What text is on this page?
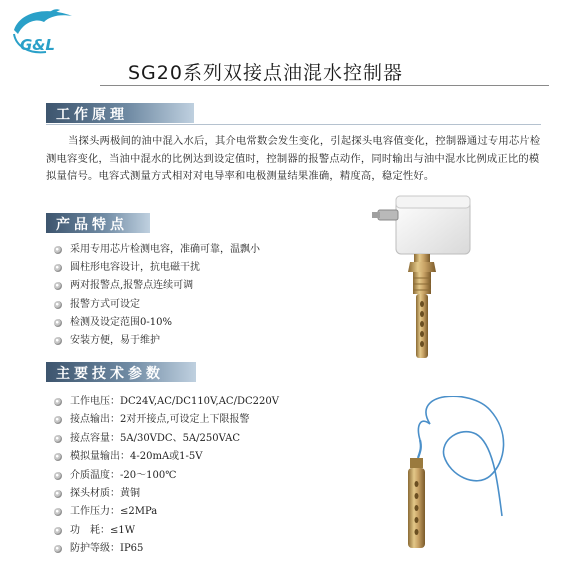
G&L
SG20系列双接点油混水控制器
工作原理

当探头两极间的油中混入水后，其介电常数会发生变化，引起探头电容值变化，控制器通过专用芯片检测电容变化，当油中混水的比例达到设定值时，控制器的报警点动作，同时输出与油中混水比例成正比的模拟量信号。电容式测量方式相对对电导率和电极测量结果准确，精度高，稳定性好。

产品特点
采用专用芯片检测电容，准确可靠，温飘小
圆柱形电容设计，抗电磁干扰
两对报警点,报警点连续可调
报警方式可设定
检测及设定范围0-10%
安装方便，易于维护
主要技术参数
工作电压：DC24V,AC/DC110V,AC/DC220V
接点输出：2对开接点,可设定上下限报警
接点容量：5A/30VDC、5A/250VAC
模拟量输出：4-20mA或1-5V
介质温度：-20～100℃
探头材质：黄铜
工作压力：≤2MPa
功　耗：≤1W
防护等级：IP65
